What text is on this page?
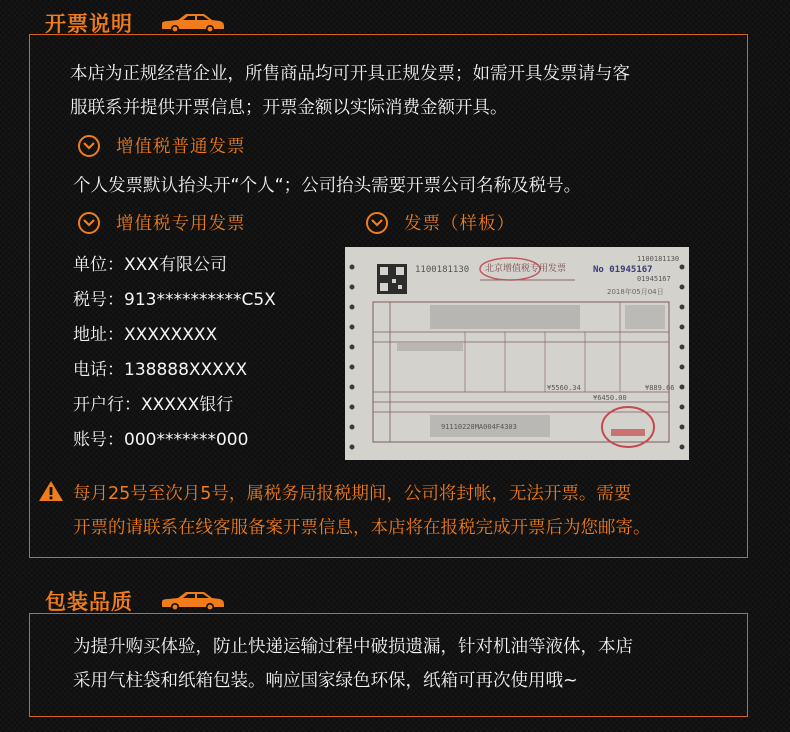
开票说明
本店为正规经营企业，所售商品均可开具正规发票；如需开具发票请与客
服联系并提供开票信息；开票金额以实际消费金额开具。
增值税普通发票
个人发票默认抬头开“个人“；公司抬头需要开票公司名称及税号。
增值税专用发票	发票（样板）
单位：XXX有限公司
税号：913**********C5X
地址：XXXXXXXX
电话：138888XXXXX
开户行：XXXXX银行
账号：000*******000
1100181130 北京增值税专用发票	No 01945167
1100181130
01945167
2018年05月04日
¥5560.34	¥889.66
¥6450.00
91110228MA004F4303
每月25号至次月5号，属税务局报税期间，公司将封帐，无法开票。需要
开票的请联系在线客服备案开票信息，本店将在报税完成开票后为您邮寄。
包装品质
为提升购买体验，防止快递运输过程中破损遗漏，针对机油等液体，本店
采用气柱袋和纸箱包装。响应国家绿色环保，纸箱可再次使用哦~
